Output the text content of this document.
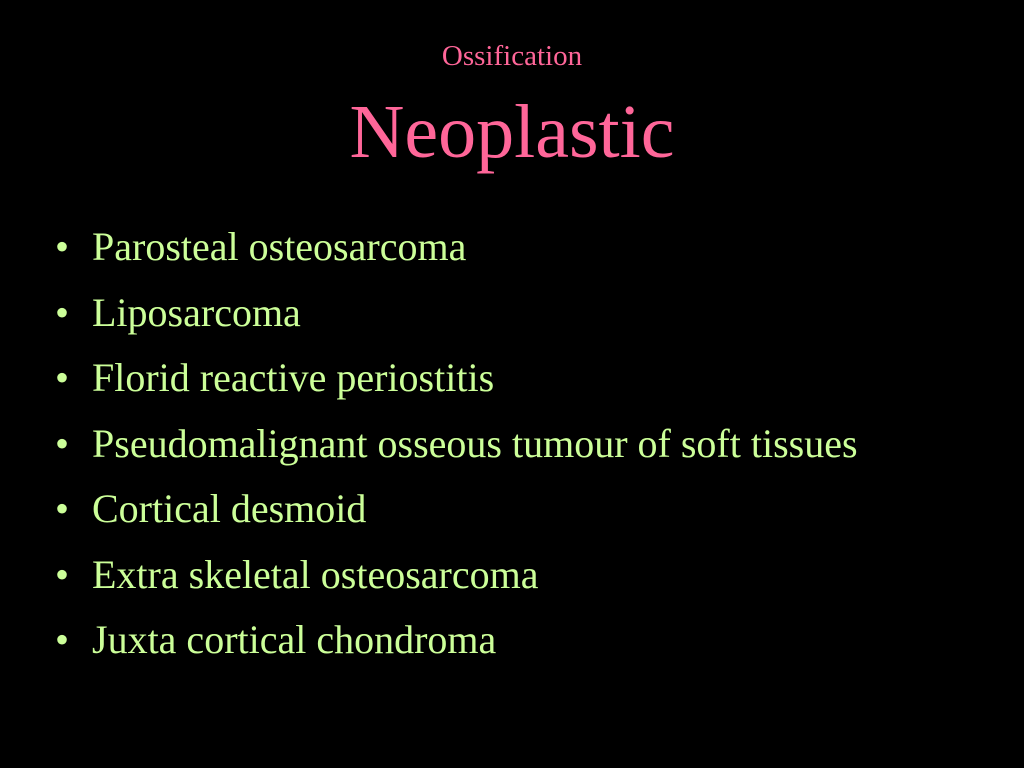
Ossification
Neoplastic
• Parosteal osteosarcoma
• Liposarcoma
• Florid reactive periostitis
• Pseudomalignant osseous tumour of soft tissues
• Cortical desmoid
• Extra skeletal osteosarcoma
• Juxta cortical chondroma
